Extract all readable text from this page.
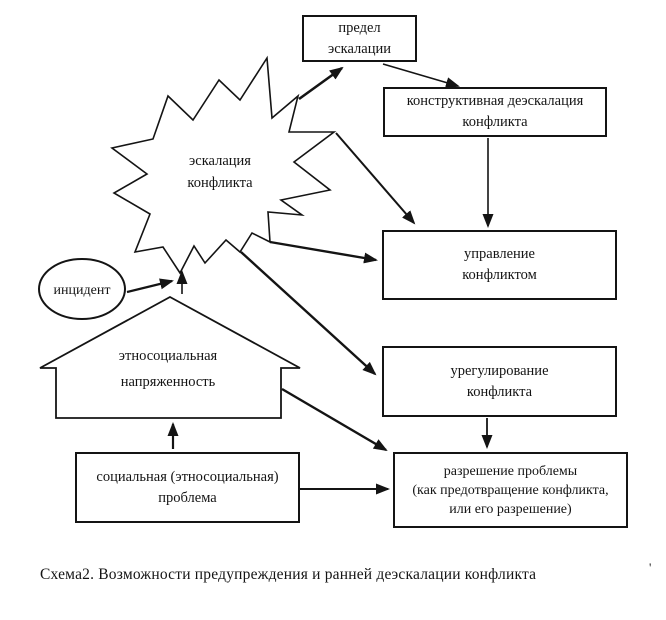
предел
эскалации
конструктивная деэскалация
конфликта
управление
конфликтом
урегулирование
конфликта
разрешение проблемы
(как предотвращение конфликта,
или его разрешение)
социальная (этносоциальная)
проблема
эскалация
конфликта
этносоциальная
напряженность
инцидент
Схема2. Возможности предупреждения и ранней деэскалации конфликта	'
